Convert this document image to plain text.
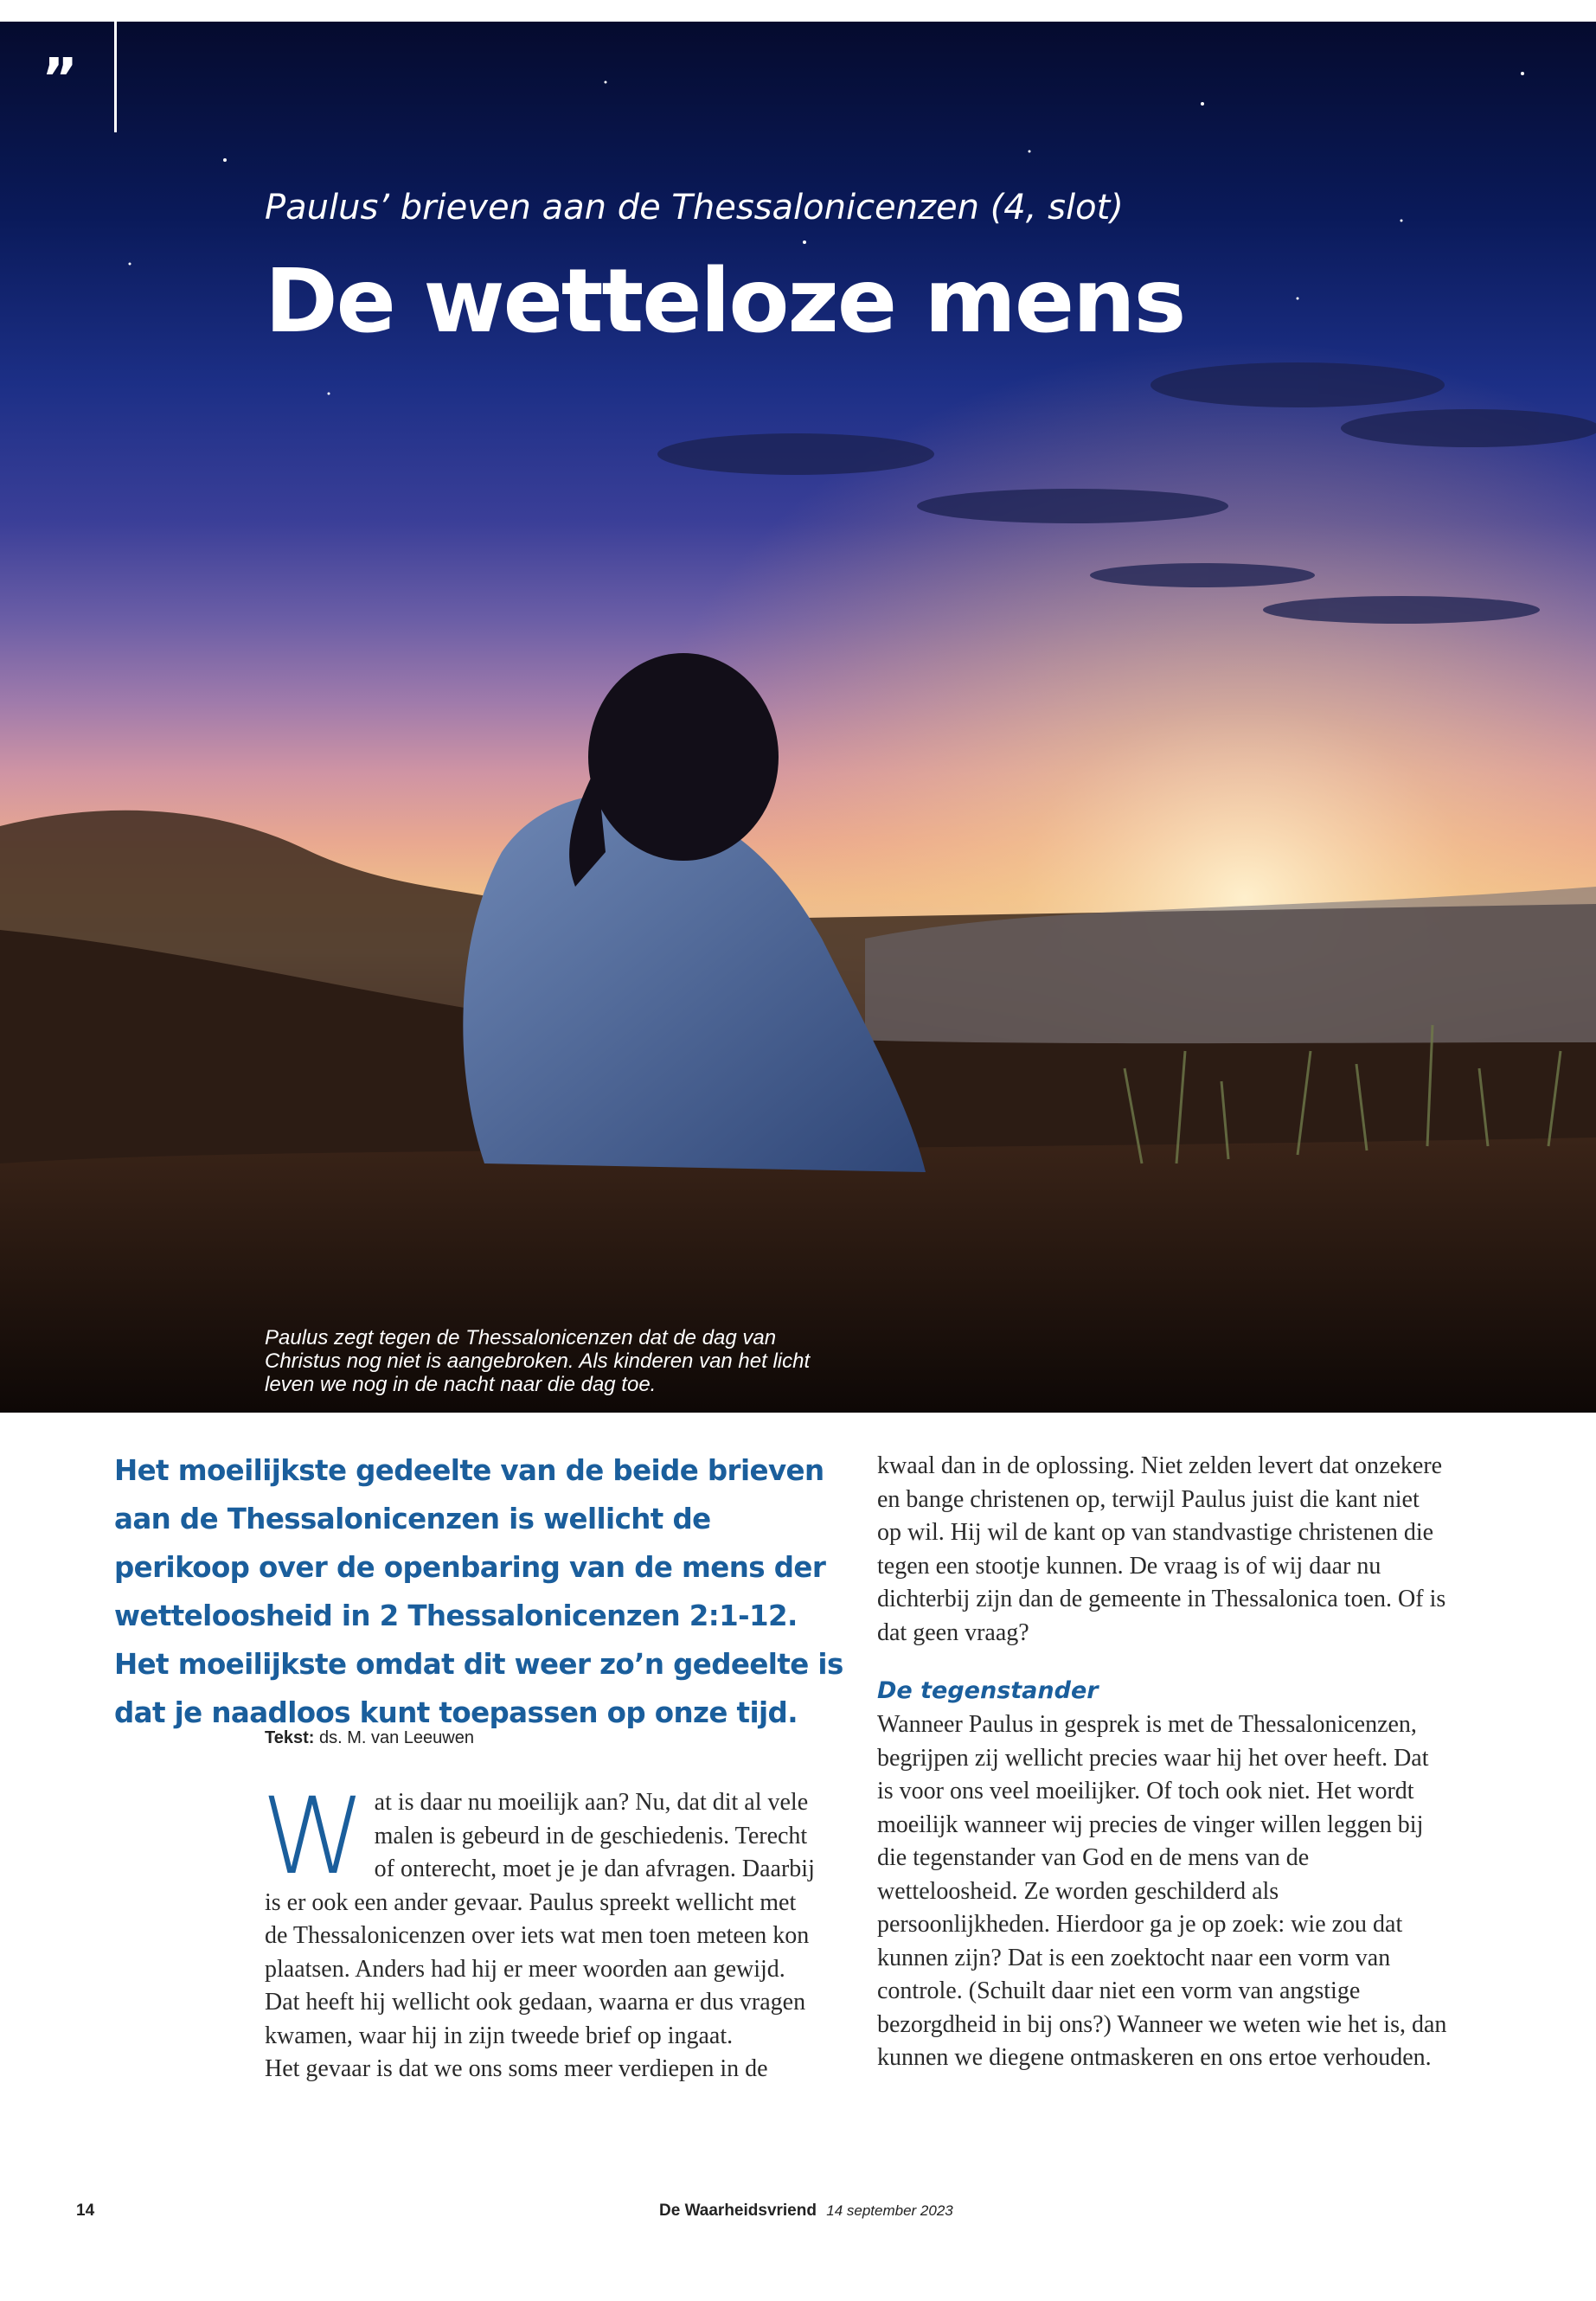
”
Paulus’ brieven aan de Thessalonicenzen (4, slot)
De wetteloze mens
Paulus zegt tegen de Thessalonicenzen dat de dag van Christus nog niet is aangebroken. Als kinderen van het licht leven we nog in de nacht naar die dag toe.
Het moeilijkste gedeelte van de beide brieven aan de Thessalonicenzen is wellicht de perikoop over de openbaring van de mens der wetteloosheid in 2 Thessalonicenzen 2:1-12. Het moeilijkste omdat dit weer zo’n gedeelte is dat je naadloos kunt toepassen op onze tijd.
Tekst: ds. M. van Leeuwen
W at is daar nu moeilijk aan? Nu, dat dit al vele malen is gebeurd in de geschiedenis. Terecht of onterecht, moet je je dan afvragen. Daarbij is er ook een ander gevaar. Paulus spreekt wellicht met de Thessalonicenzen over iets wat men toen meteen kon plaatsen. Anders had hij er meer woorden aan gewijd. Dat heeft hij wellicht ook gedaan, waarna er dus vragen kwamen, waar hij in zijn tweede brief op ingaat.
Het gevaar is dat we ons soms meer verdiepen in de
kwaal dan in de oplossing. Niet zelden levert dat onzekere en bange christenen op, terwijl Paulus juist die kant niet op wil. Hij wil de kant op van standvastige christenen die tegen een stootje kunnen. De vraag is of wij daar nu dichterbij zijn dan de gemeente in Thessalonica toen. Of is dat geen vraag?
De tegenstander
Wanneer Paulus in gesprek is met de Thessalonicenzen, begrijpen zij wellicht precies waar hij het over heeft. Dat is voor ons veel moeilijker. Of toch ook niet. Het wordt moeilijk wanneer wij precies de vinger willen leggen bij die tegenstander van God en de mens van de wetteloosheid. Ze worden geschilderd als persoonlijkheden. Hierdoor ga je op zoek: wie zou dat kunnen zijn? Dat is een zoektocht naar een vorm van controle. (Schuilt daar niet een vorm van angstige bezorgdheid in bij ons?) Wanneer we weten wie het is, dan kunnen we diegene ontmaskeren en ons ertoe verhouden.
14	De Waarheidsvriend 14 september 2023
